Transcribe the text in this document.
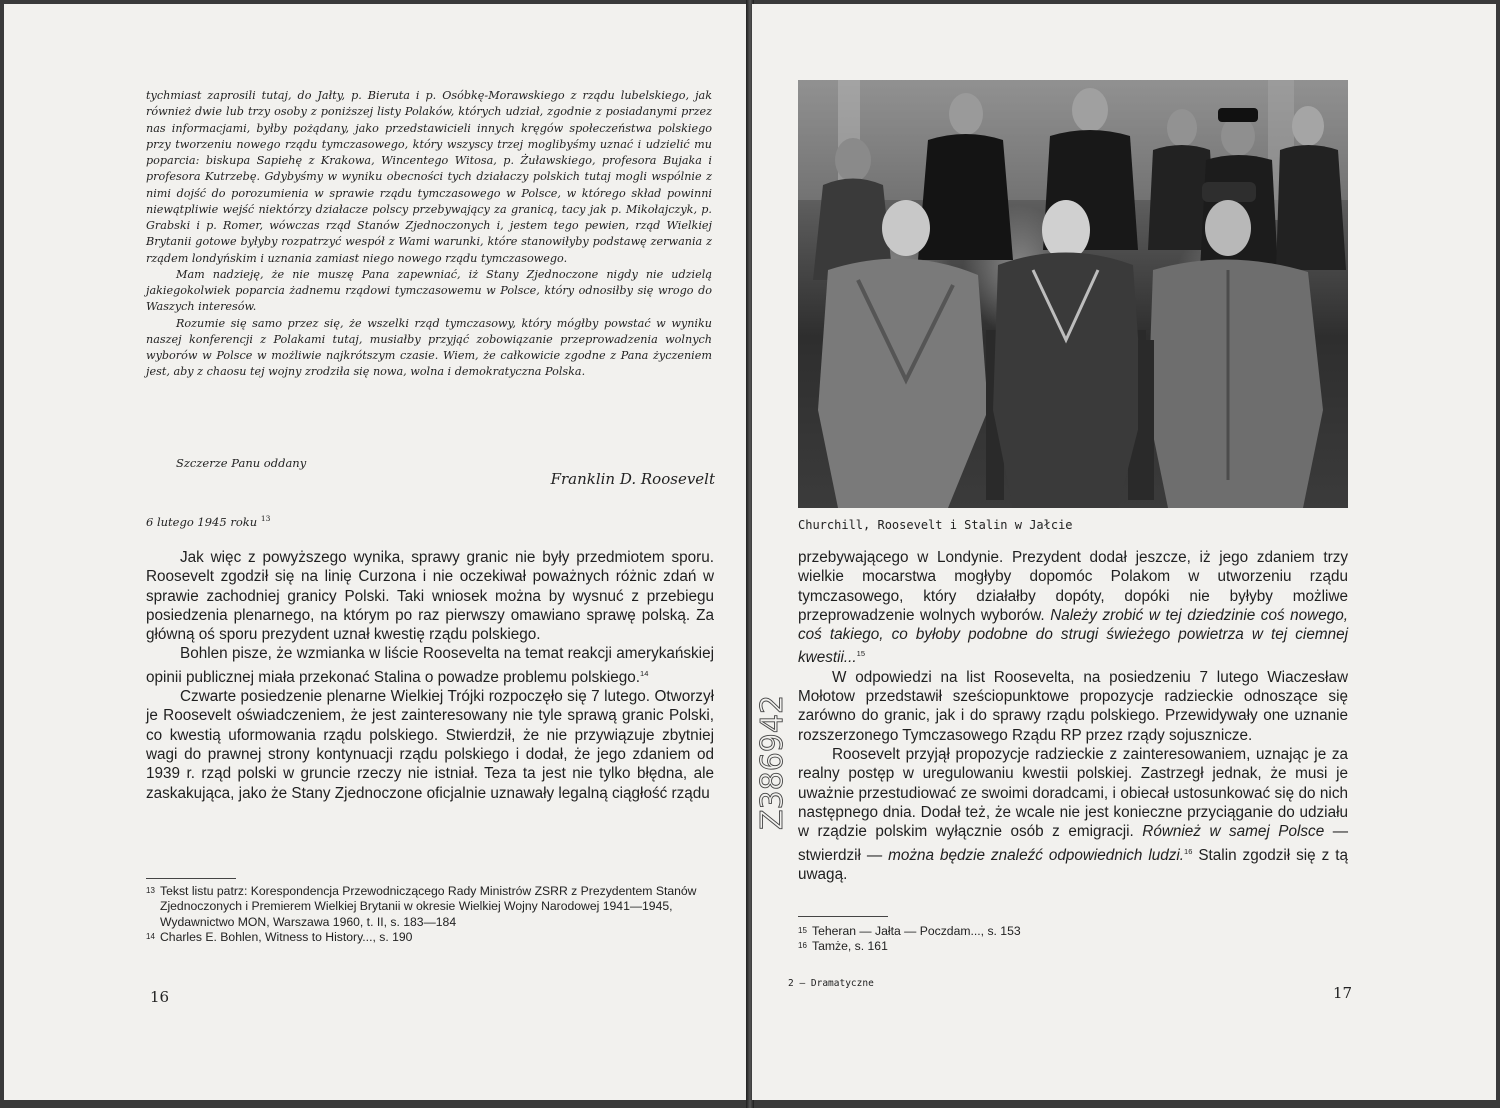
tychmiast zaprosili tutaj, do Jałty, p. Bieruta i p. Osóbkę-Morawskiego z rządu lubelskiego, jak również dwie lub trzy osoby z poniższej listy Polaków, których udział, zgodnie z posiadanymi przez nas informacjami, byłby pożądany, jako przedstawicieli innych kręgów społeczeństwa polskiego przy tworzeniu nowego rządu tymczasowego, który wszyscy trzej moglibyśmy uznać i udzielić mu poparcia: biskupa Sapiehę z Krakowa, Wincentego Witosa, p. Żuławskiego, profesora Bujaka i profesora Kutrzebę. Gdybyśmy w wyniku obecności tych działaczy polskich tutaj mogli wspólnie z nimi dojść do porozumienia w sprawie rządu tymczasowego w Polsce, w którego skład powinni niewątpliwie wejść niektórzy działacze polscy przebywający za granicą, tacy jak p. Mikołajczyk, p. Grabski i p. Romer, wówczas rząd Stanów Zjednoczonych i, jestem tego pewien, rząd Wielkiej Brytanii gotowe byłyby rozpatrzyć wespół z Wami warunki, które stanowiłyby podstawę zerwania z rządem londyńskim i uznania zamiast niego nowego rządu tymczasowego.

Mam nadzieję, że nie muszę Pana zapewniać, iż Stany Zjednoczone nigdy nie udzielą jakiegokolwiek poparcia żadnemu rządowi tymczasowemu w Polsce, który odnosiłby się wrogo do Waszych interesów.

Rozumie się samo przez się, że wszelki rząd tymczasowy, który mógłby powstać w wyniku naszej konferencji z Polakami tutaj, musiałby przyjąć zobowiązanie przeprowadzenia wolnych wyborów w Polsce w możliwie najkrótszym czasie. Wiem, że całkowicie zgodne z Pana życzeniem jest, aby z chaosu tej wojny zrodziła się nowa, wolna i demokratyczna Polska.

Szczerze Panu oddany
Franklin D. Roosevelt
6 lutego 1945 roku $^{13}$

Jak więc z powyższego wynika, sprawy granic nie były przedmiotem sporu. Roosevelt zgodził się na linię Curzona i nie oczekiwał poważnych różnic zdań w sprawie zachodniej granicy Polski. Taki wniosek można by wysnuć z przebiegu posiedzenia plenarnego, na którym po raz pierwszy omawiano sprawę polską. Za główną oś sporu prezydent uznał kwestię rządu polskiego.

Bohlen pisze, że wzmianka w liście Roosevelta na temat reakcji amerykańskiej opinii publicznej miała przekonać Stalina o powadze problemu polskiego.$^{14}$

Czwarte posiedzenie plenarne Wielkiej Trójki rozpoczęło się 7 lutego. Otworzył je Roosevelt oświadczeniem, że jest zainteresowany nie tyle sprawą granic Polski, co kwestią uformowania rządu polskiego. Stwierdził, że nie przywiązuje zbytniej wagi do prawnej strony kontynuacji rządu polskiego i dodał, że jego zdaniem od 1939 r. rząd polski w gruncie rzeczy nie istniał. Teza ta jest nie tylko błędna, ale zaskakująca, jako że Stany Zjednoczone oficjalnie uznawały legalną ciągłość rządu

13 Tekst listu patrz: Korespondencja Przewodniczącego Rady Ministrów ZSRR z Prezydentem Stanów Zjednoczonych i Premierem Wielkiej Brytanii w okresie Wielkiej Wojny Narodowej 1941—1945, Wydawnictwo MON, Warszawa 1960, t. II, s. 183—184
14 Charles E. Bohlen, Witness to History..., s. 190
16
Churchill, Roosevelt i Stalin w Jałcie

przebywającego w Londynie. Prezydent dodał jeszcze, iż jego zdaniem trzy wielkie mocarstwa mogłyby dopomóc Polakom w utworzeniu rządu tymczasowego, który działałby dopóty, dopóki nie byłyby możliwe przeprowadzenie wolnych wyborów. Należy zrobić w tej dziedzinie coś nowego, coś takiego, co byłoby podobne do strugi świeżego powietrza w tej ciemnej kwestii...$^{15}$

W odpowiedzi na list Roosevelta, na posiedzeniu 7 lutego Wiaczesław Mołotow przedstawił sześciopunktowe propozycje radzieckie odnoszące się zarówno do granic, jak i do sprawy rządu polskiego. Przewidywały one uznanie rozszerzonego Tymczasowego Rządu RP przez rządy sojusznicze.

Roosevelt przyjął propozycje radzieckie z zainteresowaniem, uznając je za realny postęp w uregulowaniu kwestii polskiej. Zastrzegł jednak, że musi je uważnie przestudiować ze swoimi doradcami, i obiecał ustosunkować się do nich następnego dnia. Dodał też, że wcale nie jest konieczne przyciąganie do udziału w rządzie polskim wyłącznie osób z emigracji. Również w samej Polsce — stwierdził — można będzie znaleźć odpowiednich ludzi.$^{16}$ Stalin zgodził się z tą uwagą.

15 Teheran — Jałta — Poczdam..., s. 153
16 Tamże, s. 161
2 — Dramatyczne
17
Z386942
